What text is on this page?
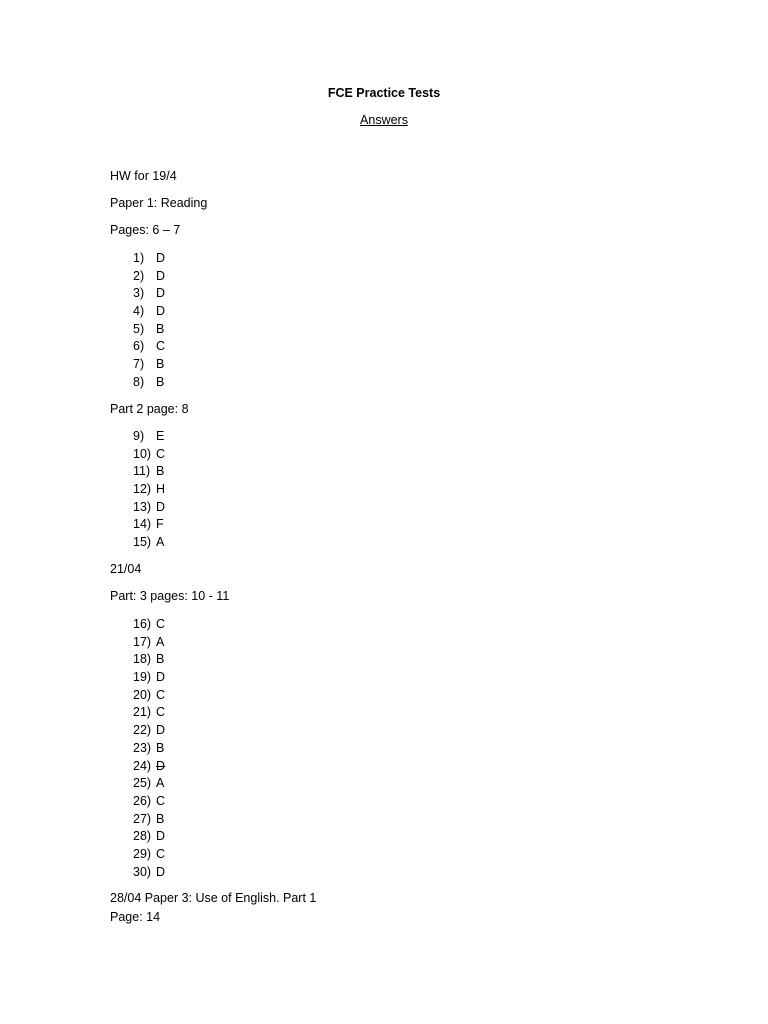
FCE Practice Tests
Answers
HW for 19/4
Paper 1: Reading
Pages: 6 – 7
1) D
2) D
3) D
4) D
5) B
6) C
7) B
8) B
Part 2 page: 8
9) E
10) C
11) B
12) H
13) D
14) F
15) A
21/04
Part: 3 pages: 10 - 11
16) C
17) A
18) B
19) D
20) C
21) C
22) D
23) B
24) D
25) A
26) C
27) B
28) D
29) C
30) D
28/04 Paper 3: Use of English. Part 1
Page: 14
